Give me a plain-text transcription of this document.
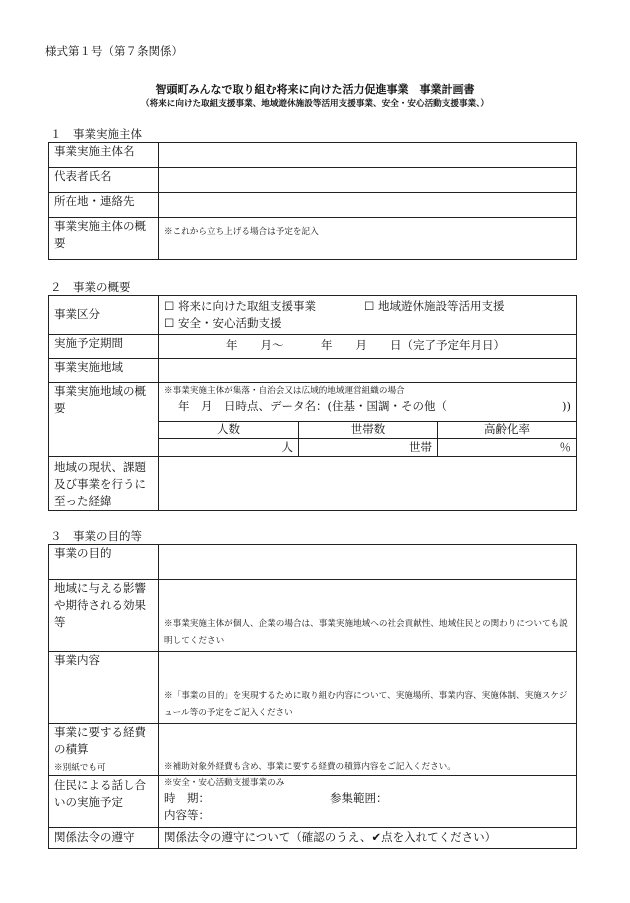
様式第１号（第７条関係）
智頭町みんなで取り組む将来に向けた活力促進事業　事業計画書
（将来に向けた取組支援事業、地域遊休施設等活用支援事業、安全・安心活動支援事業、）
１　事業実施主体
事業実施主体名	
代表者氏名	
所在地・連絡先	
事業実施主体の概要	※これから立ち上げる場合は予定を記入
２　事業の概要
事業区分	☐ 将来に向けた取組支援事業 ☐ 地域遊休施設等活用支援
☐ 安全・安心活動支援		

実施予定期間	年　　月～ 年　　月　　日（完了予定年月日）		

事業実施地域			
事業実施地域の概要	※事業実施主体が集落・自治会又は広域的地域運営組織の場合
年　月　日時点、データ名：(住基・国調・その他（　　　　　　　　　　))		

	人数	世帯数	高齢化率
	人	世帯	％
地域の現状、課題及び事業を行うに至った経緯			
３　事業の目的等
事業の目的	
地域に与える影響や期待される効果等	※事業実施主体が個人、企業の場合は、事業実施地域への社会貢献性、地域住民との関わりについても説明してください
事業内容	※「事業の目的」を実現するために取り組む内容について、実施場所、事業内容、実施体制、実施スケジュール等の予定をご記入ください
事業に要する経費の積算
※別紙でも可	※補助対象外経費も含め、事業に要する経費の積算内容をご記入ください。
住民による話し合いの実施予定	※安全・安心活動支援事業のみ
時　期： 参集範囲：
内容等：

関係法令の遵守	関係法令の遵守について（確認のうえ、✔点を入れてください）
